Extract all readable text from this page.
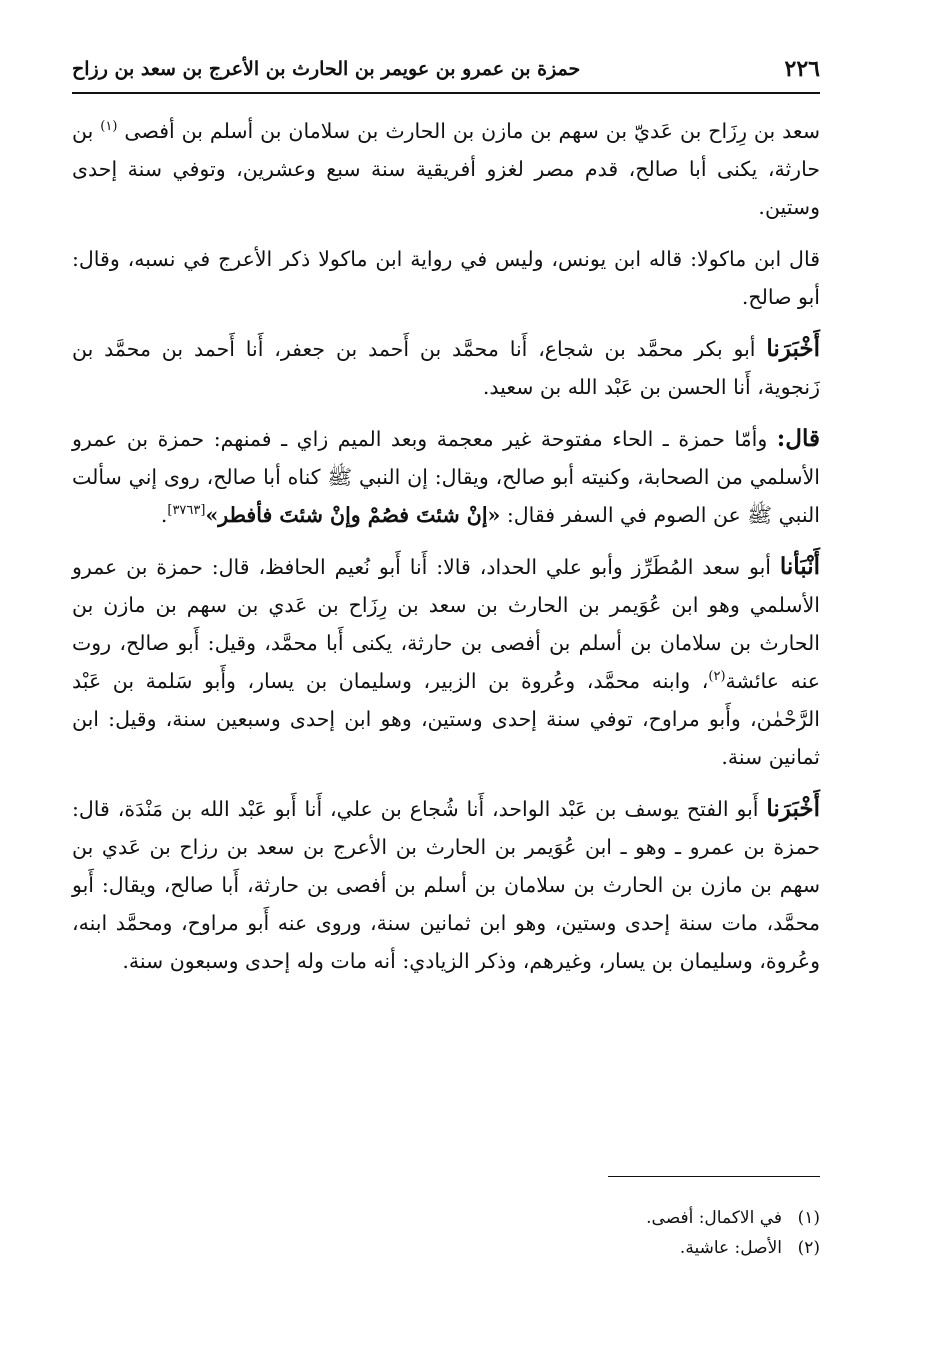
٢٢٦
حمزة بن عمرو بن عويمر بن الحارث بن الأعرج بن سعد بن رزاح

سعد بن رِزَاح بن عَديّ بن سهم بن مازن بن الحارث بن سلامان بن أسلم بن أفصى $^{(١)}$ بن حارثة، يكنى أبا صالح، قدم مصر لغزو أفريقية سنة سبع وعشرين، وتوفي سنة إحدى وستين.

قال ابن ماكولا: قاله ابن يونس، وليس في رواية ابن ماكولا ذكر الأعرج في نسبه، وقال: أبو صالح.

أَخْبَرَنا أبو بكر محمَّد بن شجاع، أَنا محمَّد بن أَحمد بن جعفر، أَنا أَحمد بن محمَّد بن زَنجوية، أَنا الحسن بن عَبْد الله بن سعيد.

قال: وأمّا حمزة ـ الحاء مفتوحة غير معجمة وبعد الميم زاي ـ فمنهم: حمزة بن عمرو الأسلمي من الصحابة، وكنيته أبو صالح، ويقال: إن النبي ﷺ كناه أبا صالح، روى إني سألت النبي ﷺ عن الصوم في السفر فقال: «إنْ شئتَ فصُمْ وإنْ شئتَ فأفطر»[٣٧٦٣].

أَنْبَأنا أبو سعد المُطَرِّز وأبو علي الحداد، قالا: أَنا أَبو نُعيم الحافظ، قال: حمزة بن عمرو الأسلمي وهو ابن عُوَيمر بن الحارث بن سعد بن رِزَاح بن عَدي بن سهم بن مازن بن الحارث بن سلامان بن أسلم بن أفصى بن حارثة، يكنى أَبا محمَّد، وقيل: أَبو صالح، روت عنه عائشة$^{(٢)}$، وابنه محمَّد، وعُروة بن الزبير، وسليمان بن يسار، وأَبو سَلمة بن عَبْد الرَّحْمٰن، وأَبو مراوح، توفي سنة إحدى وستين، وهو ابن إحدى وسبعين سنة، وقيل: ابن ثمانين سنة.

أَخْبَرَنا أَبو الفتح يوسف بن عَبْد الواحد، أَنا شُجاع بن علي، أَنا أَبو عَبْد الله بن مَنْدَة، قال: حمزة بن عمرو ـ وهو ـ ابن عُوَيمر بن الحارث بن الأعرج بن سعد بن رزاح بن عَدي بن سهم بن مازن بن الحارث بن سلامان بن أسلم بن أفصى بن حارثة، أَبا صالح، ويقال: أَبو محمَّد، مات سنة إحدى وستين، وهو ابن ثمانين سنة، وروى عنه أَبو مراوح، ومحمَّد ابنه، وعُروة، وسليمان بن يسار، وغيرهم، وذكر الزيادي: أنه مات وله إحدى وسبعون سنة.

(١)في الاكمال: أفصى.

(٢)الأصل: عاشية.
